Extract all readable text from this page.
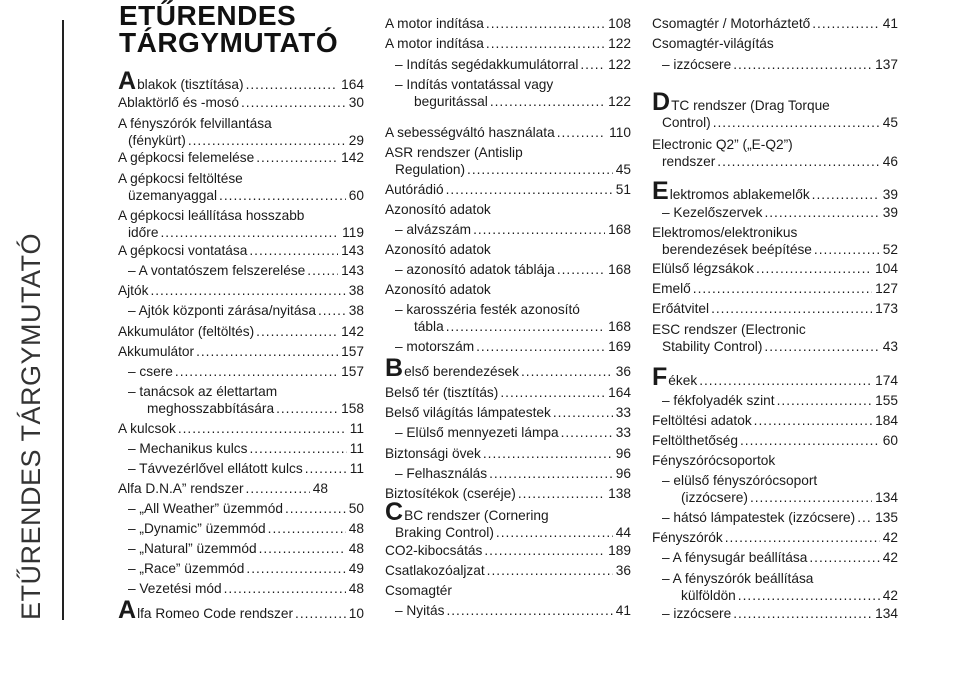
ETŰRENDES TÁRGYMUTATÓ
ETŰRENDES
TÁRGYMUTATÓ
Ablakok (tisztítása) .....	164
Ablaktörlő és -mosó .....	30
A fényszórók felvillantása
(fénykürt) .....	29
A gépkocsi felemelése .....	142
A gépkocsi feltöltése
üzemanyaggal .....	60
A gépkocsi leállítása hosszabb
időre .....	119
A gépkocsi vontatása .....	143
– A vontatószem felszerelése .....	143
Ajtók .....	38
– Ajtók központi zárása/nyitása ..... 38
Akkumulátor (feltöltés) .....	142
Akkumulátor .....	157
– csere .....	157
– tanácsok az élettartam
meghosszabbítására .....	158
A kulcsok .....	11
– Mechanikus kulcs .....	11
– Távvezérlővel ellátott kulcs .....	11
Alfa D.N.A” rendszer .....	48
– „All Weather” üzemmód .....	50
– „Dynamic” üzemmód .....	48
– „Natural” üzemmód .....	48
– „Race” üzemmód .....	49
– Vezetési mód .....	48
Alfa Romeo Code rendszer .....	10
A motor indítása .....	108
A motor indítása .....	122
– Indítás segédakkumulátorral ..... 122
– Indítás vontatással vagy
beguritással .....	122
A sebességváltó használata .....	110
ASR rendszer (Antislip
Regulation) .....	45
Autórádió .....	51
Azonosító adatok
– alvázszám .....	168
Azonosító adatok
– azonosító adatok táblája .....	168
Azonosító adatok
– karosszéria festék azonosító
tábla .....	168
– motorszám .....	169
Belső berendezések .....	36
Belső tér (tisztítás) .....	164
Belső világítás lámpatestek .....	33
– Elülső mennyezeti lámpa .....	33
Biztonsági övek .....	96
– Felhasználás .....	96
Biztosítékok (cseréje) .....	138
CBC rendszer (Cornering
Braking Control) .....	44
CO2-kibocsátás .....	189
Csatlakozóaljzat .....	36
Csomagtér
– Nyitás .....	41
Csomagtér / Motorháztető .....	41
Csomagtér-világítás
– izzócsere .....	137
DTC rendszer (Drag Torque
Control) .....	45
Electronic Q2” („E-Q2”)
rendszer .....	46
Elektromos ablakemelők .....	39
– Kezelőszervek .....	39
Elektromos/elektronikus
berendezések beépítése .....	52
Elülső légzsákok .....	104
Emelő .....	127
Erőátvitel .....	173
ESC rendszer (Electronic
Stability Control) .....	43
Fékek .....	174
– fékfolyadék szint .....	155
Feltöltési adatok .....	184
Feltölthetőség .....	60
Fényszórócsoportok
– elülső fényszórócsoport
(izzócsere) .....	134
– hátsó lámpatestek (izzócsere) ..... 135
Fényszórók .....	42
– A fénysugár beállítása .....	42
– A fényszórók beállítása
külföldön .....	42
– izzócsere .....	134
